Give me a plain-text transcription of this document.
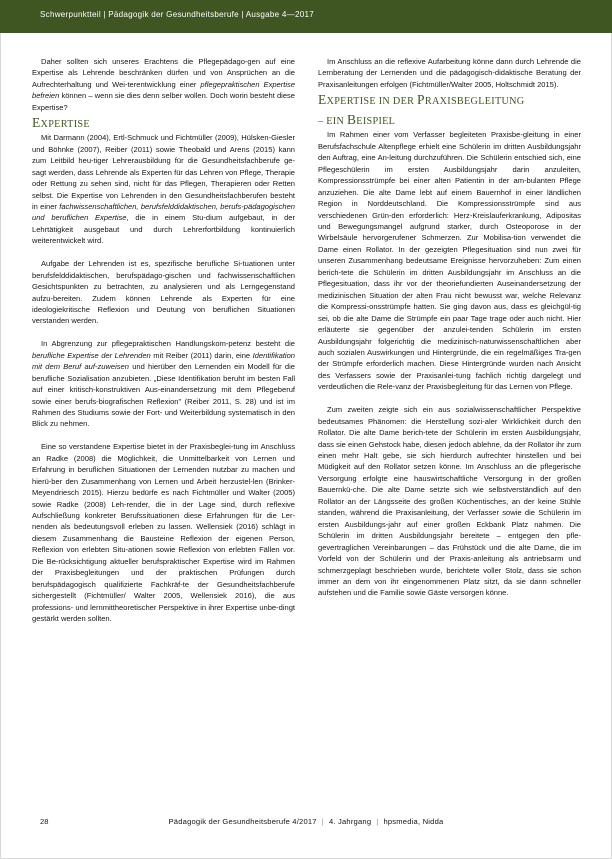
Schwerpunktteil | Pädagogik der Gesundheitsberufe | Ausgabe 4—2017

Daher sollten sich unseres Erachtens die Pflegepädago-gen auf eine Expertise als Lehrende beschränken dürfen und von Ansprüchen an die Aufrechterhaltung und Wei-terentwicklung einer pflegepraktischen Expertise befreien können – wenn sie dies denn selber wollen. Doch worin besteht diese Expertise?

EXPERTISE

Mit Darmann (2004), Ertl-Schmuck und Fichtmüller (2009), Hülsken-Giesler und Böhnke (2007), Reiber (2011) sowie Theobald und Arens (2015) kann zum Leitbild heu-tiger Lehrerausbildung für die Gesundheitsfachberufe ge-sagt werden, dass Lehrende als Experten für das Lehren von Pflege, Therapie oder Rettung zu sehen sind, nicht für das Pflegen, Therapieren oder Retten selbst. Die Expertise von Lehrenden in den Gesundheitsfachberufen besteht in einer fachwissenschaftlichen, berufsfelddidaktischen, berufs-pädagogischen und beruflichen Expertise, die in einem Stu-dium aufgebaut, in der Lehrtätigkeit ausgebaut und durch Lehrerfortbildung kontinuierlich weiterentwickelt wird.

Aufgabe der Lehrenden ist es, spezifische berufliche Si-tuationen unter berufsfelddidaktischen, berufspädago-gischen und fachwissenschaftlichen Gesichtspunkten zu betrachten, zu analysieren und als Lerngegenstand aufzu-bereiten. Zudem können Lehrende als Experten für eine ideologiekritische Reflexion und Deutung von beruflichen Situationen verstanden werden.

In Abgrenzung zur pflegepraktischen Handlungskom-petenz besteht die berufliche Expertise der Lehrenden mit Reiber (2011) darin, eine Identifikation mit dem Beruf auf-zuweisen und hierüber den Lernenden ein Modell für die berufliche Sozialisation anzubieten. „Diese Identifikation beruht im besten Fall auf einer kritisch-konstruktiven Aus-einandersetzung mit dem Pflegeberuf sowie einer berufs-biografischen Reflexion" (Reiber 2011, S. 28) und ist im Rahmen des Studiums sowie der Fort- und Weiterbildung systematisch in den Blick zu nehmen.

Eine so verstandene Expertise bietet in der Praxisbeglei-tung im Anschluss an Radke (2008) die Möglichkeit, die Unmittelbarkeit von Lernen und Erfahrung in beruflichen Situationen der Lernenden nutzbar zu machen und hierü-ber den Zusammenhang von Lernen und Arbeit herzustel-len (Brinker-Meyendriesch 2015). Hierzu bedürfe es nach Fichtmüller und Walter (2005) sowie Radke (2008) Leh-render, die in der Lage sind, durch reflexive Aufschließung konkreter Berufssituationen diese Erfahrungen für die Ler-nenden als bedeutungsvoll erleben zu lassen. Wellensiek (2016) schlägt in diesem Zusammenhang die Bausteine Reflexion der eigenen Person, Reflexion von erlebten Situ-ationen sowie Reflexion von erlebten Fällen vor. Die Be-rücksichtigung aktueller berufspraktischer Expertise wird im Rahmen der Praxisbegleitungen und der praktischen Prüfungen durch berufspädagogisch qualifizierte Fachkräf-te der Gesundheitsfachberufe sichergestellt (Fichtmüller/ Walter 2005, Wellensiek 2016), die aus professions- und lernmittheoretischer Perspektive in ihrer Expertise unbe-dingt gestärkt werden sollten.

Im Anschluss an die reflexive Aufarbeitung könne dann durch Lehrende die Lernberatung der Lernenden und die pädagogisch-didaktische Beratung der Praxisanleitungen erfolgen (Fichtmüller/Walter 2005, Holtschmidt 2015).

EXPERTISE IN DER PRAXISBEGLEITUNG
– EIN BEISPIEL

Im Rahmen einer vom Verfasser begleiteten Praxisbe-gleitung in einer Berufsfachschule Altenpflege erhielt eine Schülerin im dritten Ausbildungsjahr den Auftrag, eine An-leitung durchzuführen. Die Schülerin entschied sich, eine Pflegeschülerin im ersten Ausbildungsjahr darin anzuleiten, Kompressionsstrümpfe bei einer alten Patientin in der am-bulanten Pflege anzuziehen. Die alte Dame lebt auf einem Bauernhof in einer ländlichen Region in Norddeutschland. Die Kompressionsstrümpfe sind aus verschiedenen Grün-den erforderlich: Herz-Kreislauferkrankung, Adipositas und Bewegungsmangel aufgrund starker, durch Osteoporose in der Wirbelsäule hervorgerufener Schmerzen. Zur Mobilisa-tion verwendet die Dame einen Rollator. In der gezeigten Pflegesituation sind nun zwei für unseren Zusammenhang bedeutsame Ereignisse hervorzuheben: Zum einen berich-tete die Schülerin im dritten Ausbildungsjahr im Anschluss an die Pflegesituation, dass ihr vor der theoriefundierten Auseinandersetzung der medizinischen Situation der alten Frau nicht bewusst war, welche Relevanz die Kompressi-onsstrümpfe hatten. Sie ging davon aus, dass es gleichgül-tig sei, ob die alte Dame die Strümpfe ein paar Tage trage oder auch nicht. Hier erläuterte sie gegenüber der anzulei-tenden Schülerin im ersten Ausbildungsjahr folgerichtig die medizinisch-naturwissenschaftlichen aber auch sozialen Auswirkungen und Hintergründe, die ein regelmäßiges Tra-gen der Strümpfe erforderlich machen. Diese Hintergründe wurden nach Ansicht des Verfassers sowie der Praxisanlei-tung fachlich richtig dargelegt und verdeutlichen die Rele-vanz der Praxisbegleitung für das Lernen von Pflege.

Zum zweiten zeigte sich ein aus sozialwissenschaftlicher Perspektive bedeutsames Phänomen: die Herstellung sozi-aler Wirklichkeit durch den Rollator. Die alte Dame berich-tete der Schülerin im ersten Ausbildungsjahr, dass sie einen Gehstock habe, diesen jedoch ablehne, da der Rollator ihr zum einen mehr Halt gebe, sie sich hierdurch aufrechter hinstellen und bei Müdigkeit auf den Rollator setzen könne. Im Anschluss an die pflegerische Versorgung erfolgte eine hauswirtschaftliche Versorgung in der großen Bauernkü-che. Die alte Dame setzte sich wie selbstverständlich auf den Rollator an der Längsseite des großen Küchentisches, an der keine Stühle standen, während die Praxisanleitung, der Verfasser sowie die Schülerin im ersten Ausbildungs-jahr auf einer großen Eckbank Platz nahmen. Die Schülerin im dritten Ausbildungsjahr bereitete – entgegen den pfle-gevertraglichen Vereinbarungen – das Frühstück und die alte Dame, die im Vorfeld von der Schülerin und der Praxis-anleitung als antriebsarm und schmerzgeplagt beschrieben wurde, berichtete voller Stolz, dass sie schon immer an dem von ihr eingenommenen Platz sitzt, da sie dann schneller aufstehen und die Familie sowie Gäste versorgen könne.

28	Pädagogik der Gesundheitsberufe 4/2017 | 4. Jahrgang | hpsmedia, Nidda
